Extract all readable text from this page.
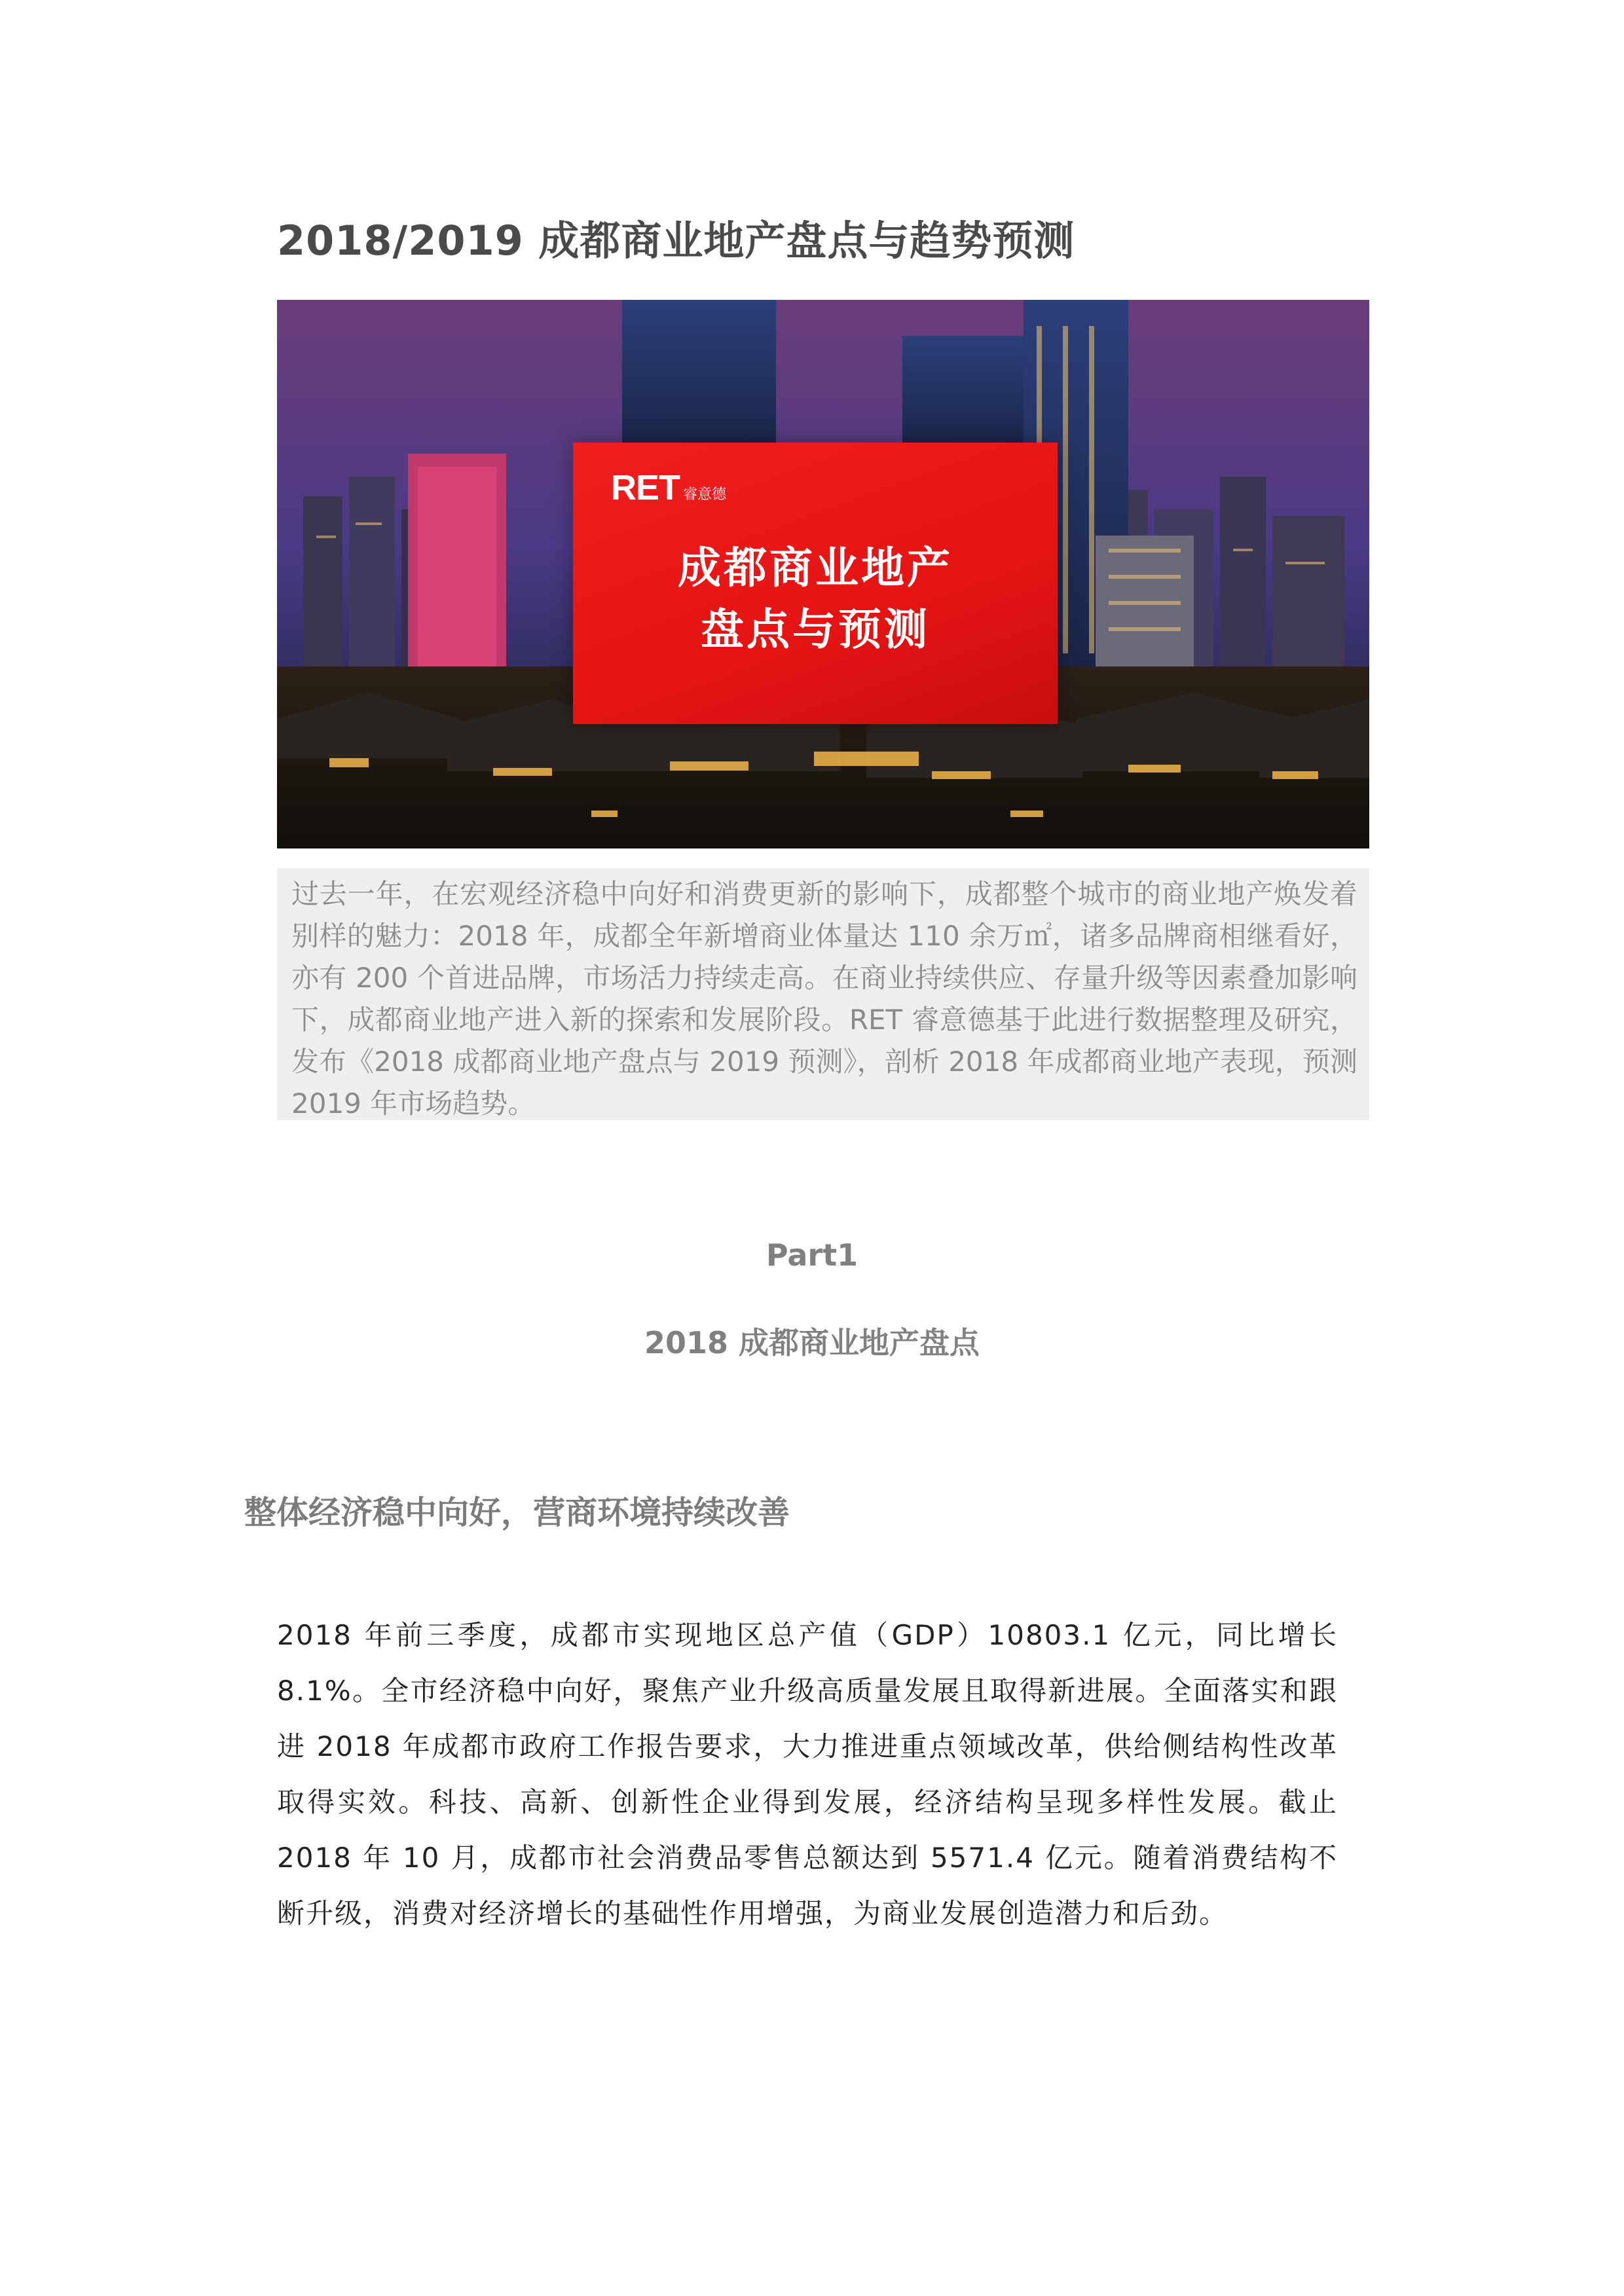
2018/2019 成都商业地产盘点与趋势预测
RET 睿意德
成都商业地产
盘点与预测

过去一年，在宏观经济稳中向好和消费更新的影响下，成都整个城市的商业地产焕发着别样的魅力：2018 年，成都全年新增商业体量达 110 余万㎡，诸多品牌商相继看好，亦有 200 个首进品牌，市场活力持续走高。在商业持续供应、存量升级等因素叠加影响下，成都商业地产进入新的探索和发展阶段。RET 睿意德基于此进行数据整理及研究，发布《2018 成都商业地产盘点与 2019 预测》，剖析 2018 年成都商业地产表现，预测 2019 年市场趋势。

Part1
2018 成都商业地产盘点
整体经济稳中向好，营商环境持续改善

2018 年前三季度，成都市实现地区总产值（GDP）10803.1 亿元，同比增长 8.1%。全市经济稳中向好，聚焦产业升级高质量发展且取得新进展。全面落实和跟进 2018 年成都市政府工作报告要求，大力推进重点领域改革，供给侧结构性改革取得实效。科技、高新、创新性企业得到发展，经济结构呈现多样性发展。截止 2018 年 10 月，成都市社会消费品零售总额达到 5571.4 亿元。随着消费结构不断升级，消费对经济增长的基础性作用增强，为商业发展创造潜力和后劲。
